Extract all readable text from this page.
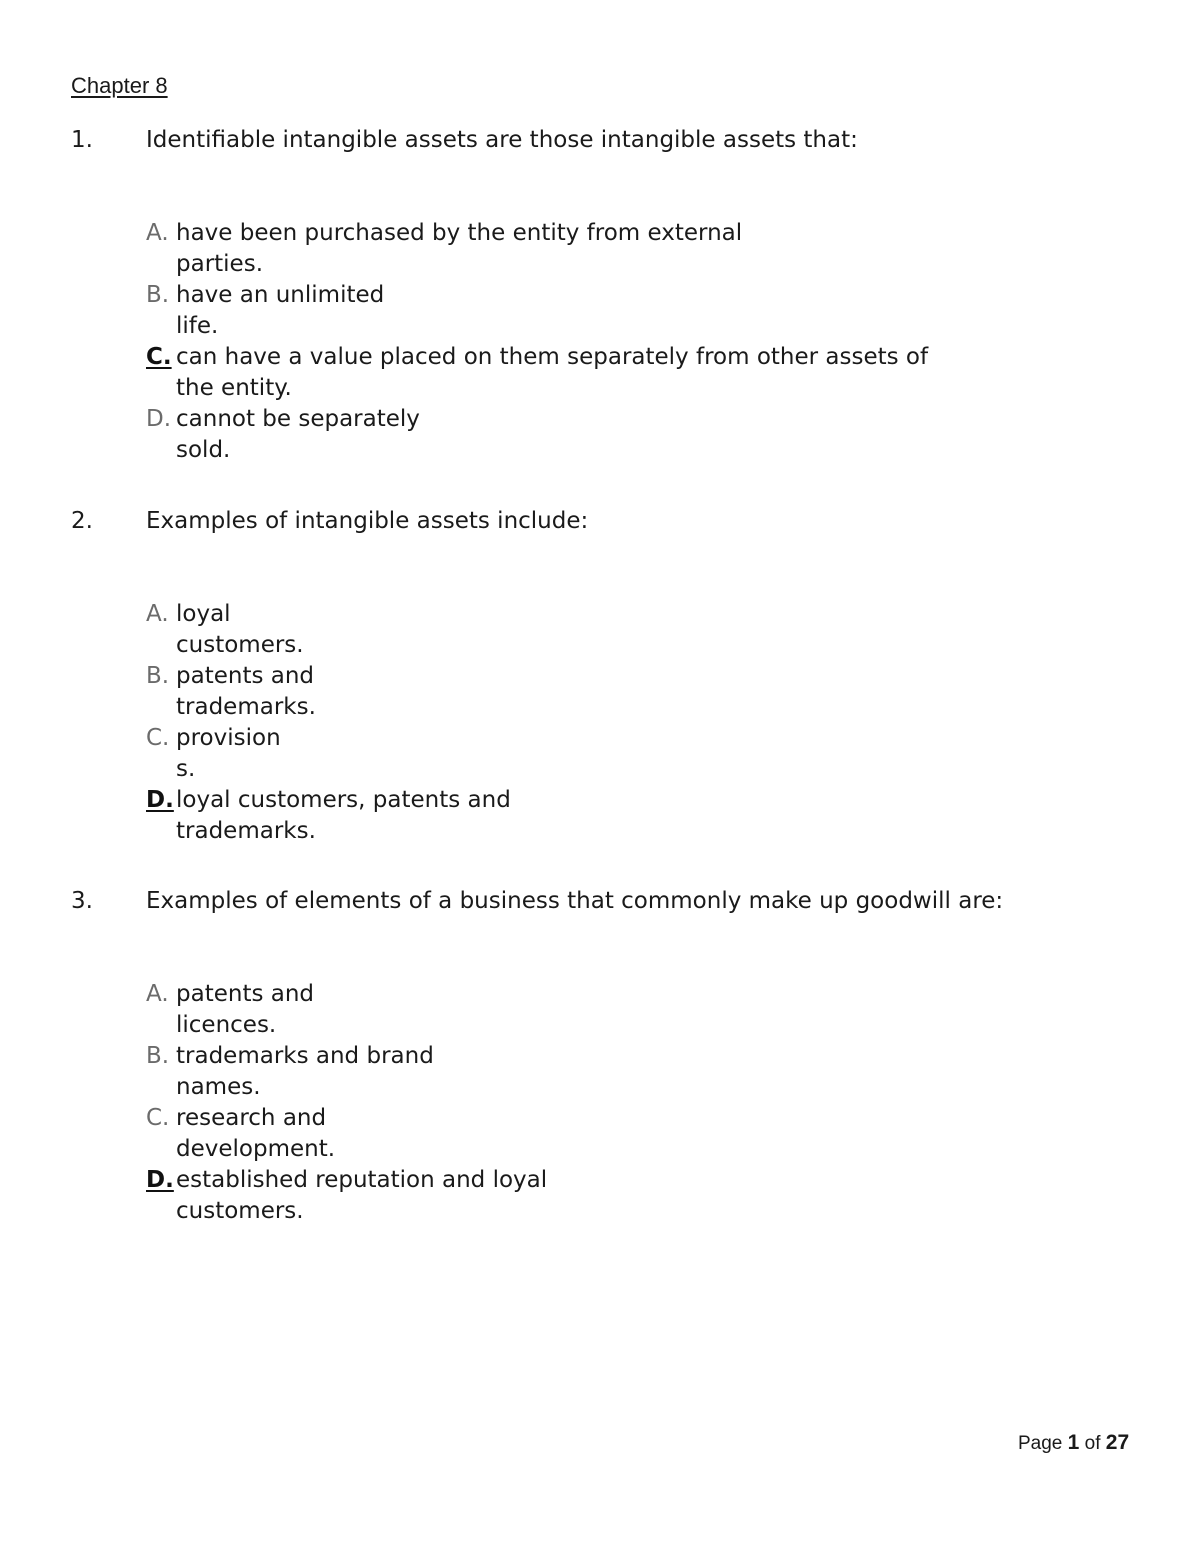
Chapter 8
1. Identifiable intangible assets are those intangible assets that:
A. have been purchased by the entity from external
parties.
B. have an unlimited
life.
C. can have a value placed on them separately from other assets of
the entity.
D. cannot be separately
sold.
2. Examples of intangible assets include:
A. loyal
customers.
B. patents and
trademarks.
C. provision
s.
D. loyal customers, patents and
trademarks.
3. Examples of elements of a business that commonly make up goodwill are:
A. patents and
licences.
B. trademarks and brand
names.
C. research and
development.
D. established reputation and loyal
customers.
Page 1 of 27
